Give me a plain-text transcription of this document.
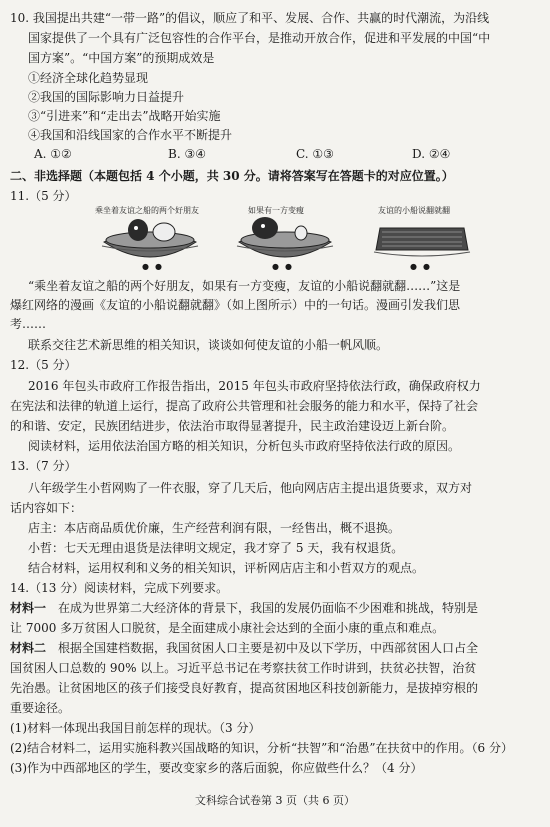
10. 我国提出共建“一带一路”的倡议，顺应了和平、发展、合作、共赢的时代潮流，为沿线
国家提供了一个具有广泛包容性的合作平台，是推动开放合作，促进和平发展的中国“中
国方案”。“中国方案”的预期成效是
①经济全球化趋势显现
②我国的国际影响力日益提升
③“引进来”和“走出去”战略开始实施
④我国和沿线国家的合作水平不断提升
A. ①②	B. ③④	C. ①③	D. ②④
二、非选择题（本题包括 4 个小题，共 30 分。请将答案写在答题卡的对应位置。）
11.（5 分）
乘坐着友谊之船的两个好朋友	如果有一方变瘦	友谊的小船说翻就翻
●●	●●	●●
“乘坐着友谊之船的两个好朋友，如果有一方变瘦，友谊的小船说翻就翻……”这是
爆红网络的漫画《友谊的小船说翻就翻》（如上图所示）中的一句话。漫画引发我们思
考……
联系交往艺术新思维的相关知识，谈谈如何使友谊的小船一帆风顺。
12.（5 分）
2016 年包头市政府工作报告指出，2015 年包头市政府坚持依法行政，确保政府权力
在宪法和法律的轨道上运行，提高了政府公共管理和社会服务的能力和水平，保持了社会
的和谐、安定，民族团结进步，依法治市取得显著提升，民主政治建设迈上新台阶。
阅读材料，运用依法治国方略的相关知识，分析包头市政府坚持依法行政的原因。
13.（7 分）
八年级学生小哲网购了一件衣服，穿了几天后，他向网店店主提出退货要求，双方对
话内容如下：
店主：本店商品质优价廉，生产经营利润有限，一经售出，概不退换。
小哲：七天无理由退货是法律明文规定，我才穿了 5 天，我有权退货。
结合材料，运用权利和义务的相关知识，评析网店店主和小哲双方的观点。
14.（13 分）阅读材料，完成下列要求。
材料一 在成为世界第二大经济体的背景下，我国的发展仍面临不少困难和挑战，特别是
让 7000 多万贫困人口脱贫，是全面建成小康社会达到的全面小康的重点和难点。
材料二 根据全国建档数据，我国贫困人口主要是初中及以下学历，中西部贫困人口占全
国贫困人口总数的 90% 以上。习近平总书记在考察扶贫工作时讲到，扶贫必扶智，治贫
先治愚。让贫困地区的孩子们接受良好教育，提高贫困地区科技创新能力，是拔掉穷根的
重要途径。
(1)材料一体现出我国目前怎样的现状。（3 分）
(2)结合材料二，运用实施科教兴国战略的知识，分析“扶智”和“治愚”在扶贫中的作用。（6 分）
(3)作为中西部地区的学生，要改变家乡的落后面貌，你应做些什么？（4 分）
文科综合试卷第 3 页（共 6 页）
